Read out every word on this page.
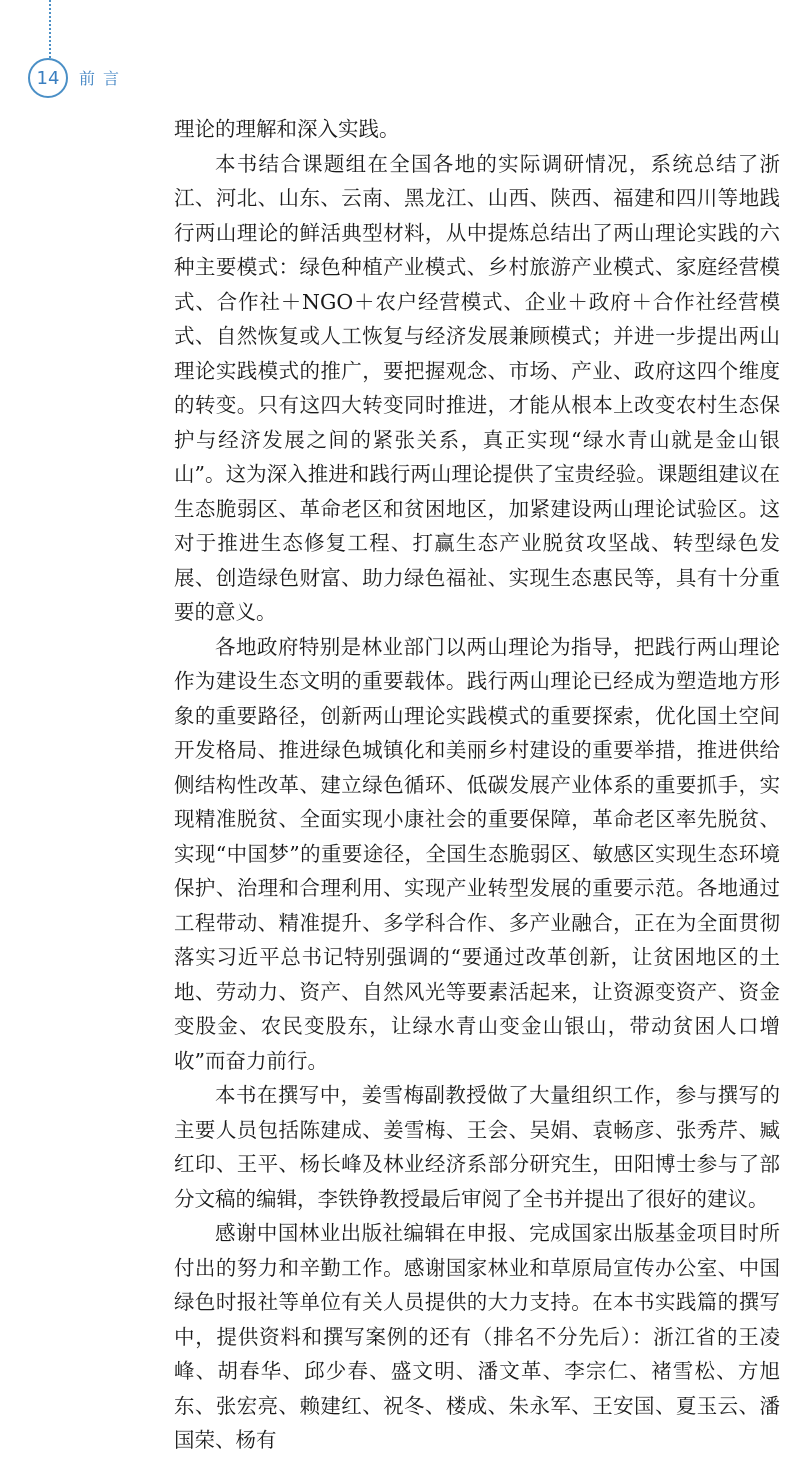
14	前言

理论的理解和深入实践。

本书结合课题组在全国各地的实际调研情况，系统总结了浙江、河北、山东、云南、黑龙江、山西、陕西、福建和四川等地践行两山理论的鲜活典型材料，从中提炼总结出了两山理论实践的六种主要模式：绿色种植产业模式、乡村旅游产业模式、家庭经营模式、合作社＋NGO＋农户经营模式、企业＋政府＋合作社经营模式、自然恢复或人工恢复与经济发展兼顾模式；并进一步提出两山理论实践模式的推广，要把握观念、市场、产业、政府这四个维度的转变。只有这四大转变同时推进，才能从根本上改变农村生态保护与经济发展之间的紧张关系，真正实现“绿水青山就是金山银山”。这为深入推进和践行两山理论提供了宝贵经验。课题组建议在生态脆弱区、革命老区和贫困地区，加紧建设两山理论试验区。这对于推进生态修复工程、打赢生态产业脱贫攻坚战、转型绿色发展、创造绿色财富、助力绿色福祉、实现生态惠民等，具有十分重要的意义。

各地政府特别是林业部门以两山理论为指导，把践行两山理论作为建设生态文明的重要载体。践行两山理论已经成为塑造地方形象的重要路径，创新两山理论实践模式的重要探索，优化国土空间开发格局、推进绿色城镇化和美丽乡村建设的重要举措，推进供给侧结构性改革、建立绿色循环、低碳发展产业体系的重要抓手，实现精准脱贫、全面实现小康社会的重要保障，革命老区率先脱贫、实现“中国梦”的重要途径，全国生态脆弱区、敏感区实现生态环境保护、治理和合理利用、实现产业转型发展的重要示范。各地通过工程带动、精准提升、多学科合作、多产业融合，正在为全面贯彻落实习近平总书记特别强调的“要通过改革创新，让贫困地区的土地、劳动力、资产、自然风光等要素活起来，让资源变资产、资金变股金、农民变股东，让绿水青山变金山银山，带动贫困人口增收”而奋力前行。

本书在撰写中，姜雪梅副教授做了大量组织工作，参与撰写的主要人员包括陈建成、姜雪梅、王会、吴娟、袁畅彦、张秀芹、臧红印、王平、杨长峰及林业经济系部分研究生，田阳博士参与了部分文稿的编辑，李铁铮教授最后审阅了全书并提出了很好的建议。

感谢中国林业出版社编辑在申报、完成国家出版基金项目时所付出的努力和辛勤工作。感谢国家林业和草原局宣传办公室、中国绿色时报社等单位有关人员提供的大力支持。在本书实践篇的撰写中，提供资料和撰写案例的还有（排名不分先后）：浙江省的王凌峰、胡春华、邱少春、盛文明、潘文革、李宗仁、褚雪松、方旭东、张宏亮、赖建红、祝冬、楼成、朱永军、王安国、夏玉云、潘国荣、杨有
